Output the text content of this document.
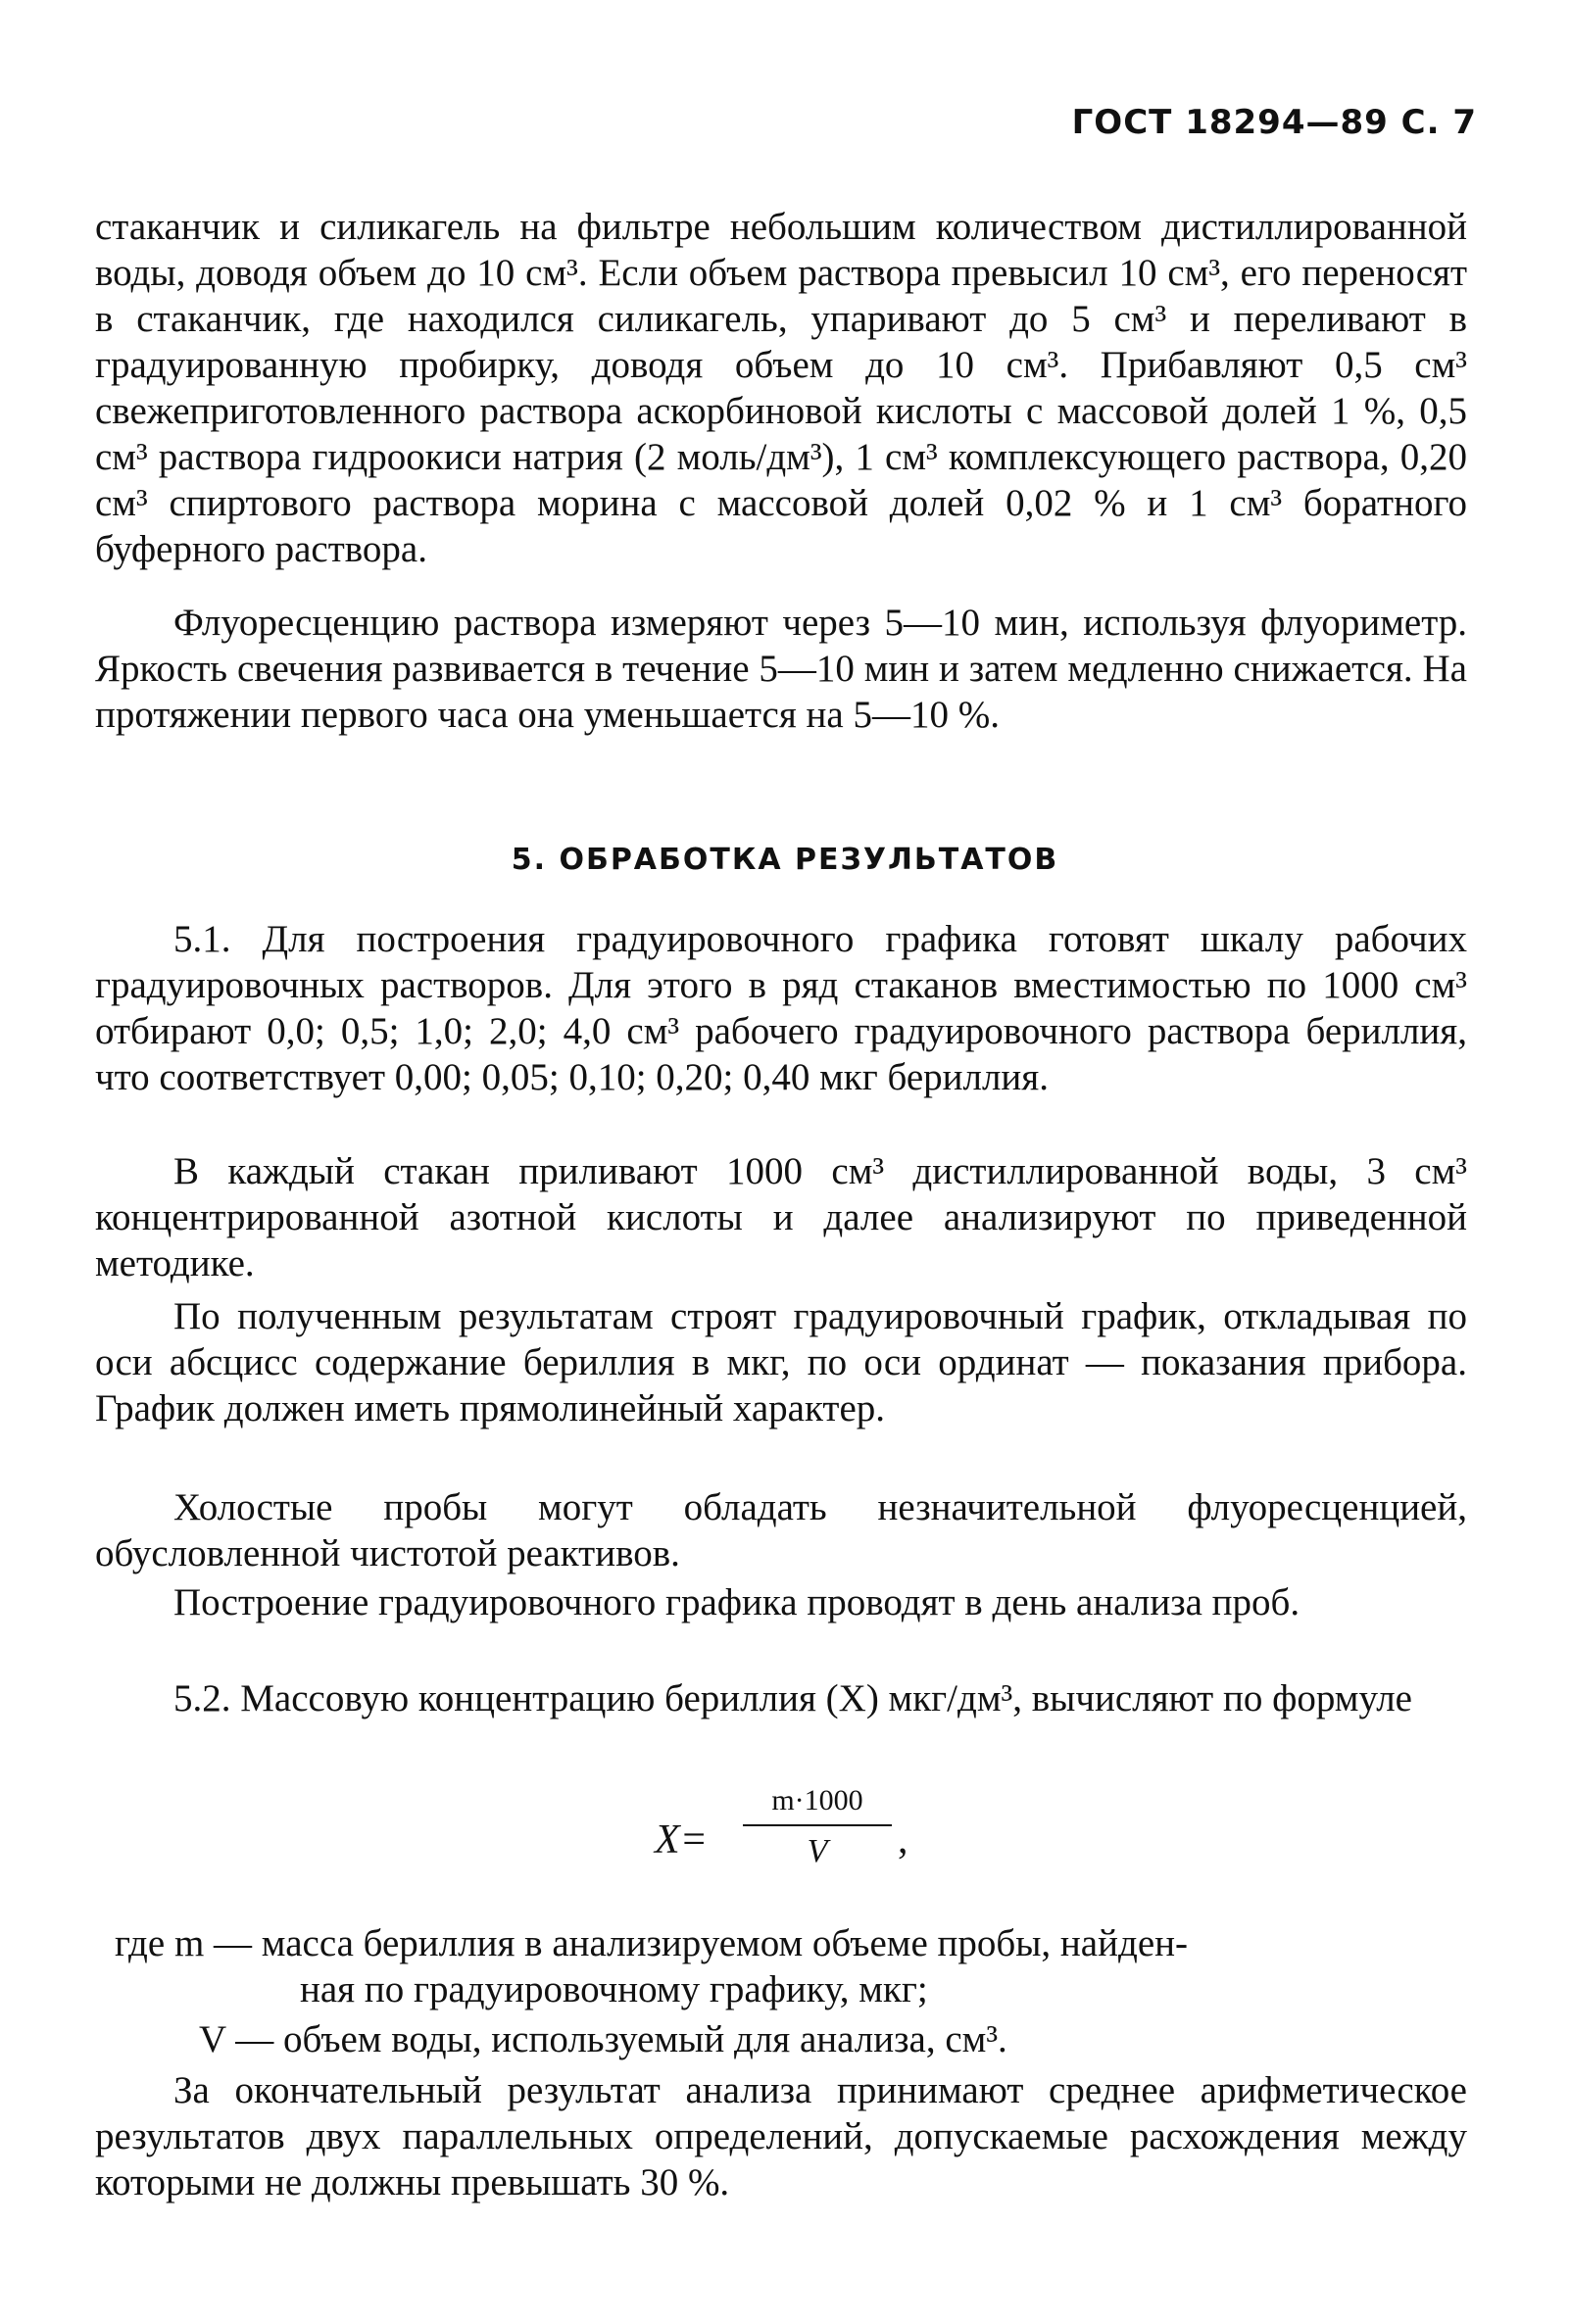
ГОСТ 18294—89 С. 7

стаканчик и силикагель на фильтре небольшим количеством дистиллированной воды, доводя объем до 10 см³. Если объем раствора превысил 10 см³, его переносят в стаканчик, где находился силикагель, упаривают до 5 см³ и переливают в градуированную пробирку, доводя объем до 10 см³. Прибавляют 0,5 см³ свежеприготовленного раствора аскорбиновой кислоты с массовой долей 1 %, 0,5 см³ раствора гидроокиси натрия (2 моль/дм³), 1 см³ комплексующего раствора, 0,20 см³ спиртового раствора морина с массовой долей 0,02 % и 1 см³ боратного буферного раствора.

Флуоресценцию раствора измеряют через 5—10 мин, используя флуориметр. Яркость свечения развивается в течение 5—10 мин и затем медленно снижается. На протяжении первого часа она уменьшается на 5—10 %.

5. ОБРАБОТКА РЕЗУЛЬТАТОВ

5.1. Для построения градуировочного графика готовят шкалу рабочих градуировочных растворов. Для этого в ряд стаканов вместимостью по 1000 см³ отбирают 0,0; 0,5; 1,0; 2,0; 4,0 см³ рабочего градуировочного раствора бериллия, что соответствует 0,00; 0,05; 0,10; 0,20; 0,40 мкг бериллия.

В каждый стакан приливают 1000 см³ дистиллированной воды, 3 см³ концентрированной азотной кислоты и далее анализируют по приведенной методике.

По полученным результатам строят градуировочный график, откладывая по оси абсцисс содержание бериллия в мкг, по оси ординат — показания прибора. График должен иметь прямолинейный характер.

Холостые пробы могут обладать незначительной флуоресценцией, обусловленной чистотой реактивов.

Построение градуировочного графика проводят в день анализа проб.

5.2. Массовую концентрацию бериллия (X) мкг/дм³, вычисляют по формуле

X=
m·1000
V	,

где m — масса бериллия в анализируемом объеме пробы, найден-

ная по градуировочному графику, мкг;

V — объем воды, используемый для анализа, см³.

За окончательный результат анализа принимают среднее арифметическое результатов двух параллельных определений, допускаемые расхождения между которыми не должны превышать 30 %.
